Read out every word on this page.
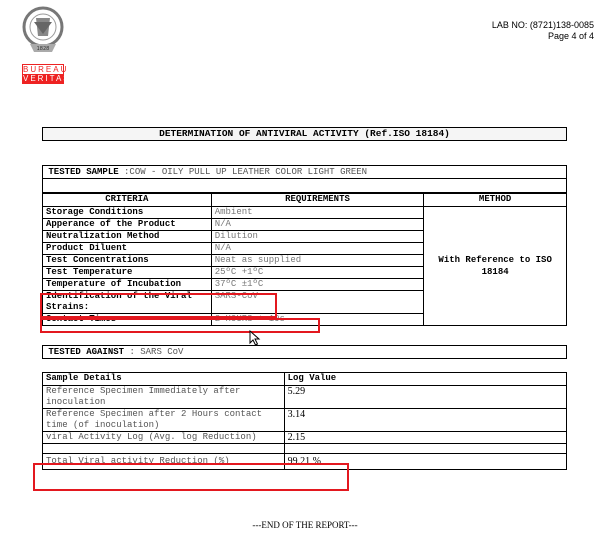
1828
BUREAU
VERITAS
LAB NO: (8721)138-0085
Page 4 of 4
DETERMINATION OF ANTIVIRAL ACTIVITY (Ref.ISO 18184)
TESTED SAMPLE :COW - OILY PULL UP LEATHER COLOR LIGHT GREEN
CRITERIA	REQUIREMENTS	METHOD
Storage Conditions	Ambient	With Reference to ISO 18184
Apperance of the Product	N/A	
Neutralization Method	Dilution	
Product Diluent	N/A	
Test Concentrations	Neat as supplied	
Test Temperature	25ºC +1ºC	
Temperature of Incubation	37ºC ±1ºC	
Identification of the Viral Strains:	SARS-CoV	
Contact Times	2 HOURS + 10s	
TESTED AGAINST : SARS CoV
Sample Details	Log Value
Reference Specimen Immediately after inoculation	5.29
Reference Specimen after 2 Hours contact time (of inoculation)	3.14
viral Activity Log (Avg. log Reduction)	2.15

Total Viral activity Reduction (%)	99.21 %
---END OF THE REPORT---
